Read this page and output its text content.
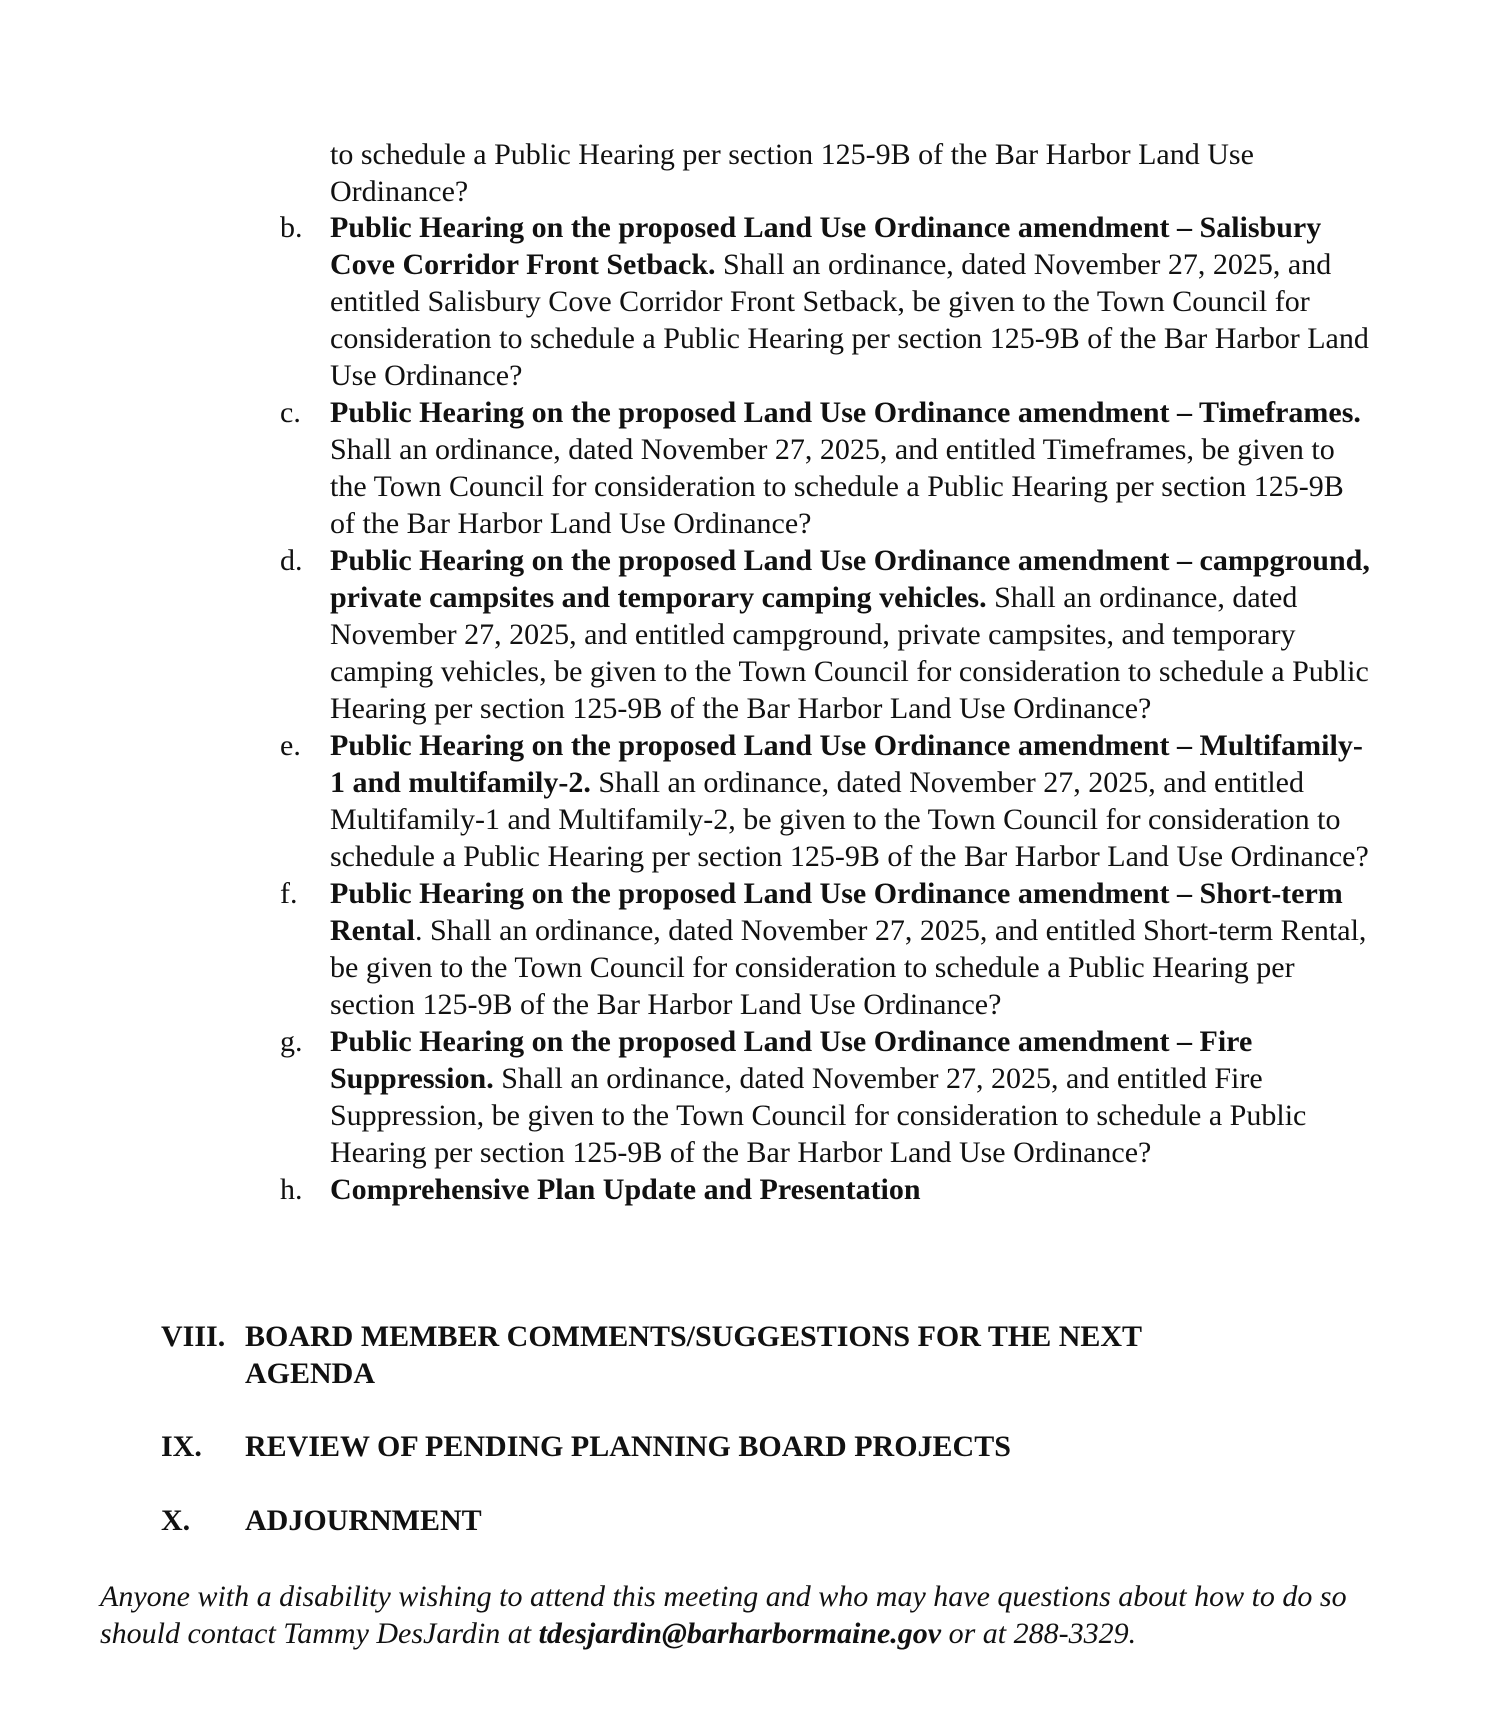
to schedule a Public Hearing per section 125-9B of the Bar Harbor Land Use Ordinance?
b. Public Hearing on the proposed Land Use Ordinance amendment – Salisbury Cove Corridor Front Setback. Shall an ordinance, dated November 27, 2025, and entitled Salisbury Cove Corridor Front Setback, be given to the Town Council for consideration to schedule a Public Hearing per section 125-9B of the Bar Harbor Land Use Ordinance?
c. Public Hearing on the proposed Land Use Ordinance amendment – Timeframes. Shall an ordinance, dated November 27, 2025, and entitled Timeframes, be given to the Town Council for consideration to schedule a Public Hearing per section 125-9B of the Bar Harbor Land Use Ordinance?
d. Public Hearing on the proposed Land Use Ordinance amendment – campground, private campsites and temporary camping vehicles. Shall an ordinance, dated November 27, 2025, and entitled campground, private campsites, and temporary camping vehicles, be given to the Town Council for consideration to schedule a Public Hearing per section 125-9B of the Bar Harbor Land Use Ordinance?
e. Public Hearing on the proposed Land Use Ordinance amendment – Multifamily-1 and multifamily-2. Shall an ordinance, dated November 27, 2025, and entitled Multifamily-1 and Multifamily-2, be given to the Town Council for consideration to schedule a Public Hearing per section 125-9B of the Bar Harbor Land Use Ordinance?
f.	Public Hearing on the proposed Land Use Ordinance amendment – Short-term Rental. Shall an ordinance, dated November 27, 2025, and entitled Short-term Rental, be given to the Town Council for consideration to schedule a Public Hearing per section 125-9B of the Bar Harbor Land Use Ordinance?
g. Public Hearing on the proposed Land Use Ordinance amendment – Fire Suppression. Shall an ordinance, dated November 27, 2025, and entitled Fire Suppression, be given to the Town Council for consideration to schedule a Public Hearing per section 125-9B of the Bar Harbor Land Use Ordinance?
h. Comprehensive Plan Update and Presentation
VIII. BOARD MEMBER COMMENTS/SUGGESTIONS FOR THE NEXT AGENDA
IX.	REVIEW OF PENDING PLANNING BOARD PROJECTS
X.	ADJOURNMENT
Anyone with a disability wishing to attend this meeting and who may have questions about how to do so should contact Tammy DesJardin at tdesjardin@barharbormaine.gov or at 288-3329.
